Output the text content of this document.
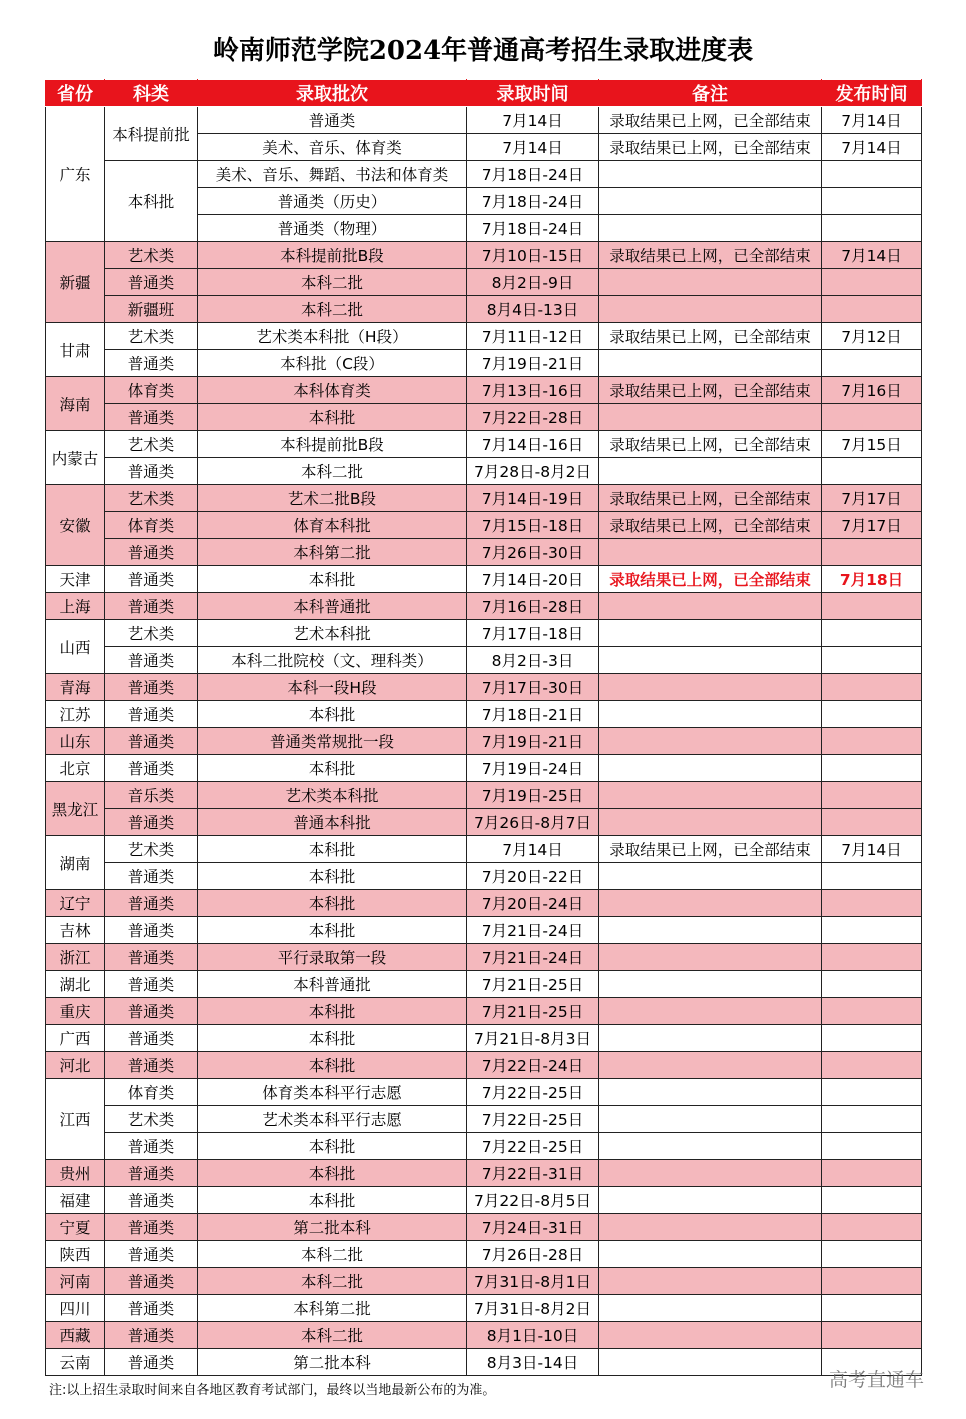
岭南师范学院2024年普通高考招生录取进度表
省份	科类	录取批次	录取时间	备注	发布时间
广东	本科提前批	普通类	7月14日	录取结果已上网，已全部结束	7月14日
		美术、音乐、体育类	7月14日	录取结果已上网，已全部结束	7月14日
	本科批	美术、音乐、舞蹈、书法和体育类	7月18日-24日		
		普通类（历史）	7月18日-24日		
		普通类（物理）	7月18日-24日		
新疆	艺术类	本科提前批B段	7月10日-15日	录取结果已上网，已全部结束	7月14日
	普通类	本科二批	8月2日-9日		
	新疆班	本科二批	8月4日-13日		
甘肃	艺术类	艺术类本科批（H段）	7月11日-12日	录取结果已上网，已全部结束	7月12日
	普通类	本科批（C段）	7月19日-21日		
海南	体育类	本科体育类	7月13日-16日	录取结果已上网，已全部结束	7月16日
	普通类	本科批	7月22日-28日		
内蒙古	艺术类	本科提前批B段	7月14日-16日	录取结果已上网，已全部结束	7月15日
	普通类	本科二批	7月28日-8月2日		
安徽	艺术类	艺术二批B段	7月14日-19日	录取结果已上网，已全部结束	7月17日
	体育类	体育本科批	7月15日-18日	录取结果已上网，已全部结束	7月17日
	普通类	本科第二批	7月26日-30日		
天津	普通类	本科批	7月14日-20日	录取结果已上网，已全部结束	7月18日
上海	普通类	本科普通批	7月16日-28日		
山西	艺术类	艺术本科批	7月17日-18日		
	普通类	本科二批院校（文、理科类）	8月2日-3日		
青海	普通类	本科一段H段	7月17日-30日		
江苏	普通类	本科批	7月18日-21日		
山东	普通类	普通类常规批一段	7月19日-21日		
北京	普通类	本科批	7月19日-24日		
黑龙江	音乐类	艺术类本科批	7月19日-25日		
	普通类	普通本科批	7月26日-8月7日		
湖南	艺术类	本科批	7月14日	录取结果已上网，已全部结束	7月14日
	普通类	本科批	7月20日-22日		
辽宁	普通类	本科批	7月20日-24日		
吉林	普通类	本科批	7月21日-24日		
浙江	普通类	平行录取第一段	7月21日-24日		
湖北	普通类	本科普通批	7月21日-25日		
重庆	普通类	本科批	7月21日-25日		
广西	普通类	本科批	7月21日-8月3日		
河北	普通类	本科批	7月22日-24日		
江西	体育类	体育类本科平行志愿	7月22日-25日		
	艺术类	艺术类本科平行志愿	7月22日-25日		
	普通类	本科批	7月22日-25日		
贵州	普通类	本科批	7月22日-31日		
福建	普通类	本科批	7月22日-8月5日		
宁夏	普通类	第二批本科	7月24日-31日		
陕西	普通类	本科二批	7月26日-28日		
河南	普通类	本科二批	7月31日-8月1日		
四川	普通类	本科第二批	7月31日-8月2日		
西藏	普通类	本科二批	8月1日-10日		
云南	普通类	第二批本科	8月3日-14日		
注:以上招生录取时间来自各地区教育考试部门，最终以当地最新公布的为准。	高考直通车
